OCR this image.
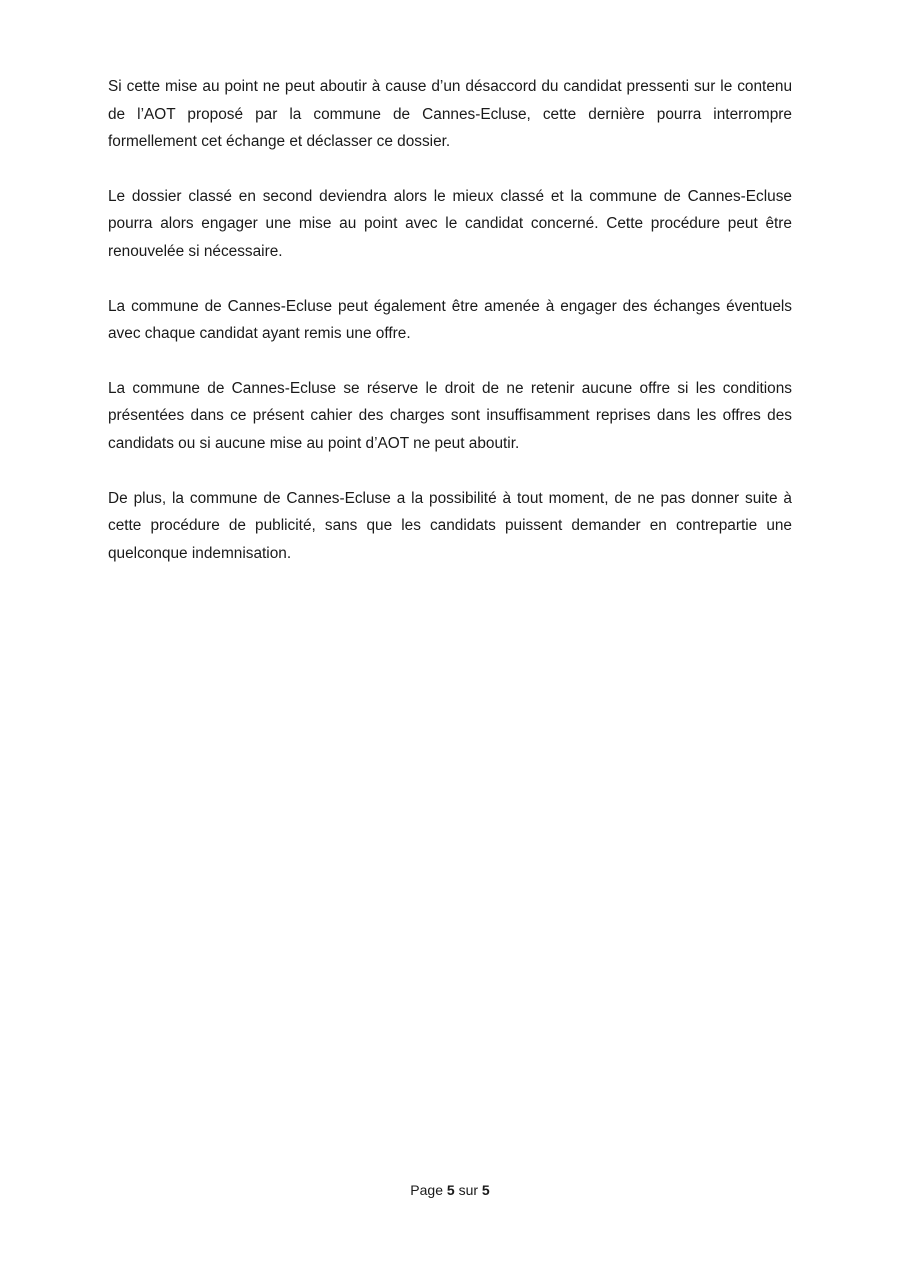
Si cette mise au point ne peut aboutir à cause d’un désaccord du candidat pressenti sur le contenu de l’AOT proposé par la commune de Cannes-Ecluse, cette dernière pourra interrompre formellement cet échange et déclasser ce dossier.

Le dossier classé en second deviendra alors le mieux classé et la commune de Cannes-Ecluse pourra alors engager une mise au point avec le candidat concerné. Cette procédure peut être renouvelée si nécessaire.

La commune de Cannes-Ecluse peut également être amenée à engager des échanges éventuels avec chaque candidat ayant remis une offre.

La commune de Cannes-Ecluse se réserve le droit de ne retenir aucune offre si les conditions présentées dans ce présent cahier des charges sont insuffisamment reprises dans les offres des candidats ou si aucune mise au point d’AOT ne peut aboutir.

De plus, la commune de Cannes-Ecluse a la possibilité à tout moment, de ne pas donner suite à cette procédure de publicité, sans que les candidats puissent demander en contrepartie une quelconque indemnisation.

Page 5 sur 5
